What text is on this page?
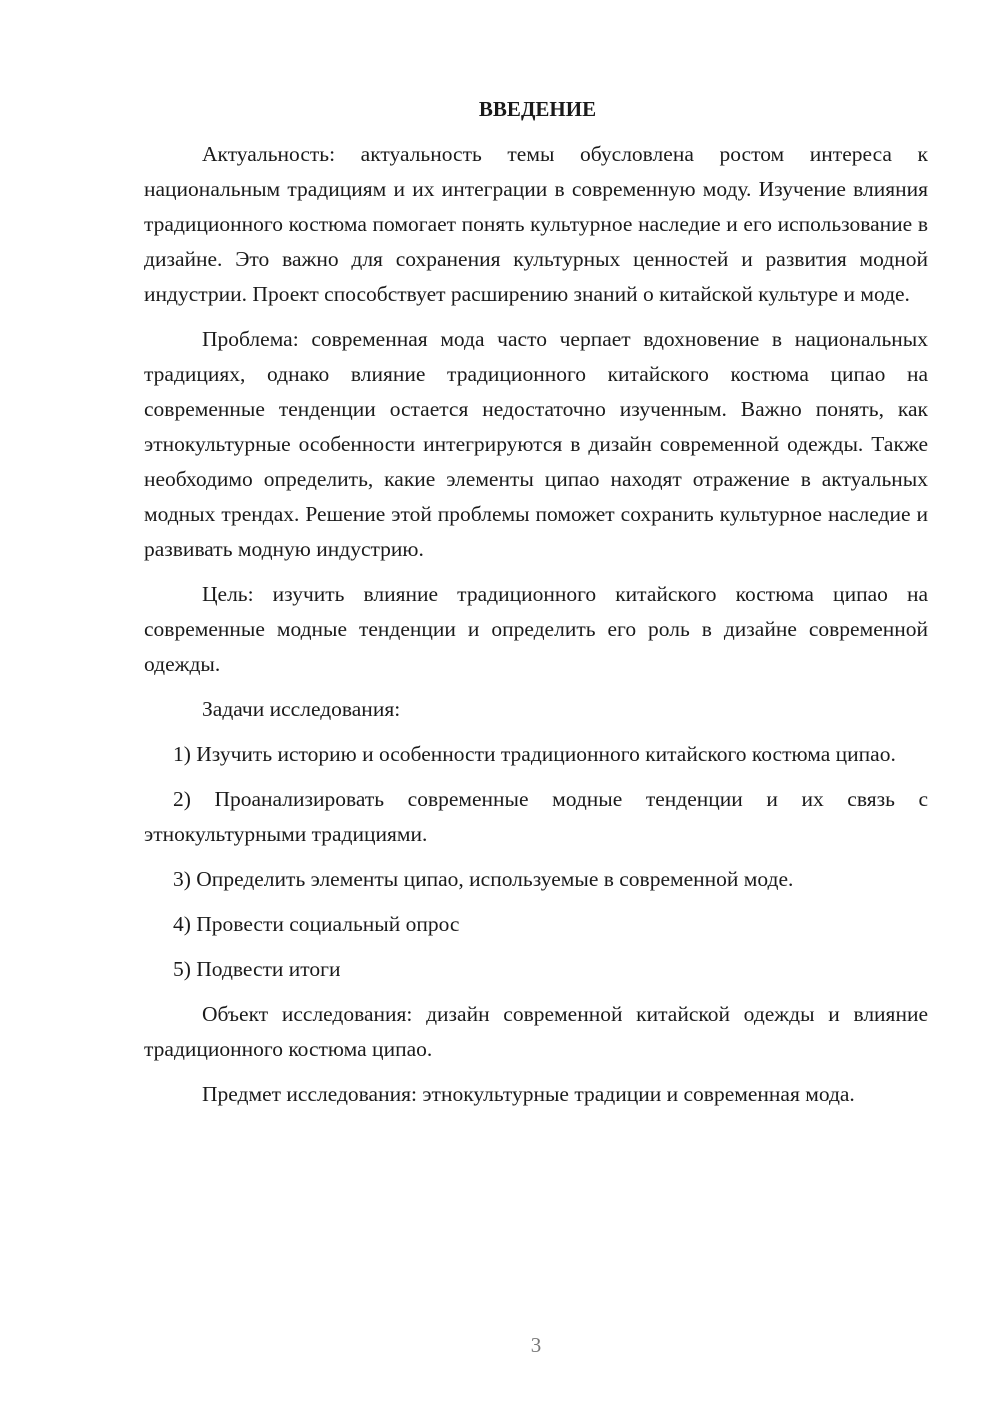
ВВЕДЕНИЕ

Актуальность: актуальность темы обусловлена ростом интереса к национальным традициям и их интеграции в современную моду. Изучение влияния традиционного костюма помогает понять культурное наследие и его использование в дизайне. Это важно для сохранения культурных ценностей и развития модной индустрии. Проект способствует расширению знаний о китайской культуре и моде.

Проблема: современная мода часто черпает вдохновение в национальных традициях, однако влияние традиционного китайского костюма ципао на современные тенденции остается недостаточно изученным. Важно понять, как этнокультурные особенности интегрируются в дизайн современной одежды. Также необходимо определить, какие элементы ципао находят отражение в актуальных модных трендах. Решение этой проблемы поможет сохранить культурное наследие и развивать модную индустрию.

Цель: изучить влияние традиционного китайского костюма ципао на современные модные тенденции и определить его роль в дизайне современной одежды.

Задачи исследования:

1) Изучить историю и особенности традиционного китайского костюма ципао.

2) Проанализировать современные модные тенденции и их связь с этнокультурными традициями.

3) Определить элементы ципао, используемые в современной моде.

4) Провести социальный опрос

5) Подвести итоги

Объект исследования: дизайн современной китайской одежды и влияние традиционного костюма ципао.

Предмет исследования: этнокультурные традиции и современная мода.

3
